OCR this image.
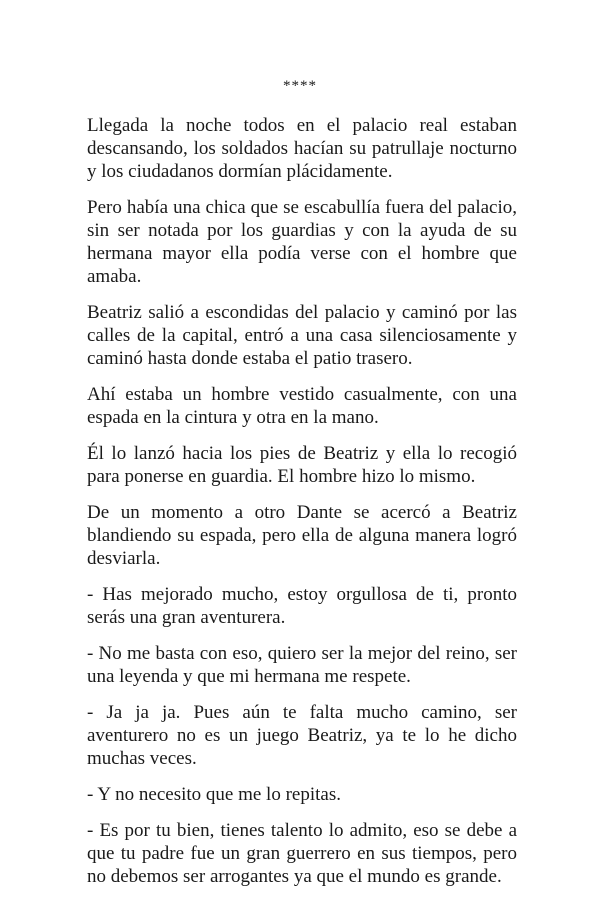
****

Llegada la noche todos en el palacio real estaban descansando, los soldados hacían su patrullaje nocturno y los ciudadanos dormían plácidamente.

Pero había una chica que se escabullía fuera del palacio, sin ser notada por los guardias y con la ayuda de su hermana mayor ella podía verse con el hombre que amaba.

Beatriz salió a escondidas del palacio y caminó por las calles de la capital, entró a una casa silenciosamente y caminó hasta donde estaba el patio trasero.

Ahí estaba un hombre vestido casualmente, con una espada en la cintura y otra en la mano.

Él lo lanzó hacia los pies de Beatriz y ella lo recogió para ponerse en guardia. El hombre hizo lo mismo.

De un momento a otro Dante se acercó a Beatriz blandiendo su espada, pero ella de alguna manera logró desviarla.

- Has mejorado mucho, estoy orgullosa de ti, pronto serás una gran aventurera.

- No me basta con eso, quiero ser la mejor del reino, ser una leyenda y que mi hermana me respete.

- Ja ja ja. Pues aún te falta mucho camino, ser aventurero no es un juego Beatriz, ya te lo he dicho muchas veces.

- Y no necesito que me lo repitas.

- Es por tu bien, tienes talento lo admito, eso se debe a que tu padre fue un gran guerrero en sus tiempos, pero no debemos ser arrogantes ya que el mundo es grande.
